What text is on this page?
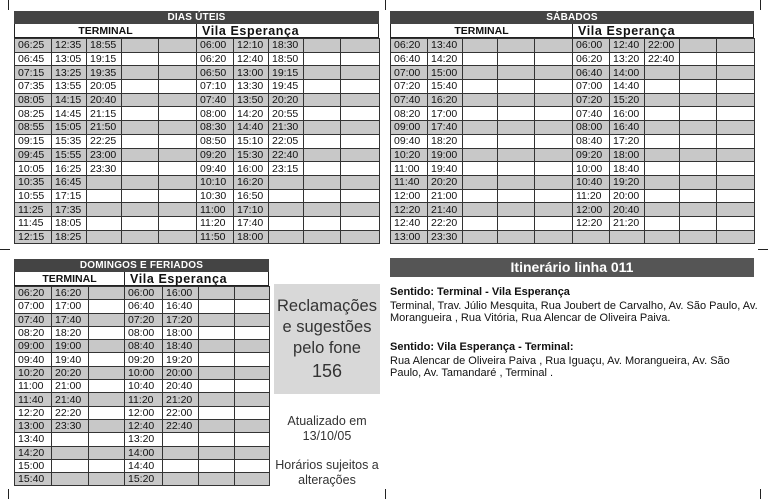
DIAS ÚTEIS
TERMINAL	Vila Esperança
06:25	12:35	18:55			06:00	12:10	18:30		
06:45	13:05	19:15			06:20	12:40	18:50		
07:15	13:25	19:35			06:50	13:00	19:15		
07:35	13:55	20:05			07:10	13:30	19:45		
08:05	14:15	20:40			07:40	13:50	20:20		
08:25	14:45	21:15			08:00	14:20	20:55		
08:55	15:05	21:50			08:30	14:40	21:30		
09:15	15:35	22:25			08:50	15:10	22:05		
09:45	15:55	23:00			09:20	15:30	22:40		
10:05	16:25	23:30			09:40	16:00	23:15		
10:35	16:45				10:10	16:20			
10:55	17:15				10:30	16:50			
11:25	17:35				11:00	17:10			
11:45	18:05				11:20	17:40			
12:15	18:25				11:50	18:00			
SÁBADOS
TERMINAL	Vila Esperança
06:20	13:40				06:00	12:40	22:00		
06:40	14:20				06:20	13:20	22:40		
07:00	15:00				06:40	14:00			
07:20	15:40				07:00	14:40			
07:40	16:20				07:20	15:20			
08:20	17:00				07:40	16:00			
09:00	17:40				08:00	16:40			
09:40	18:20				08:40	17:20			
10:20	19:00				09:20	18:00			
11:00	19:40				10:00	18:40			
11:40	20:20				10:40	19:20			
12:00	21:00				11:20	20:00			
12:20	21:40				12:00	20:40			
12:40	22:20				12:20	21:20			
13:00	23:30								
DOMINGOS E FERIADOS
TERMINAL	Vila Esperança
06:20	16:20		06:00	16:00		
07:00	17:00		06:40	16:40		
07:40	17:40		07:20	17:20		
08:20	18:20		08:00	18:00		
09:00	19:00		08:40	18:40		
09:40	19:40		09:20	19:20		
10:20	20:20		10:00	20:00		
11:00	21:00		10:40	20:40		
11:40	21:40		11:20	21:20		
12:20	22:20		12:00	22:00		
13:00	23:30		12:40	22:40		
13:40			13:20			
14:20			14:00			
15:00			14:40			
15:40			15:20			
Reclamações
e sugestões
pelo fone
156
Atualizado em
13/10/05
Horários sujeitos a
alterações
Itinerário linha 011
Sentido: Terminal - Vila Esperança
Terminal, Trav. Júlio Mesquita, Rua Joubert de Carvalho, Av. São Paulo, Av. Morangueira , Rua Vitória, Rua Alencar de Oliveira Paiva.
Sentido: Vila Esperança - Terminal:
Rua Alencar de Oliveira Paiva , Rua Iguaçu, Av. Morangueira, Av. São Paulo, Av. Tamandaré , Terminal .
